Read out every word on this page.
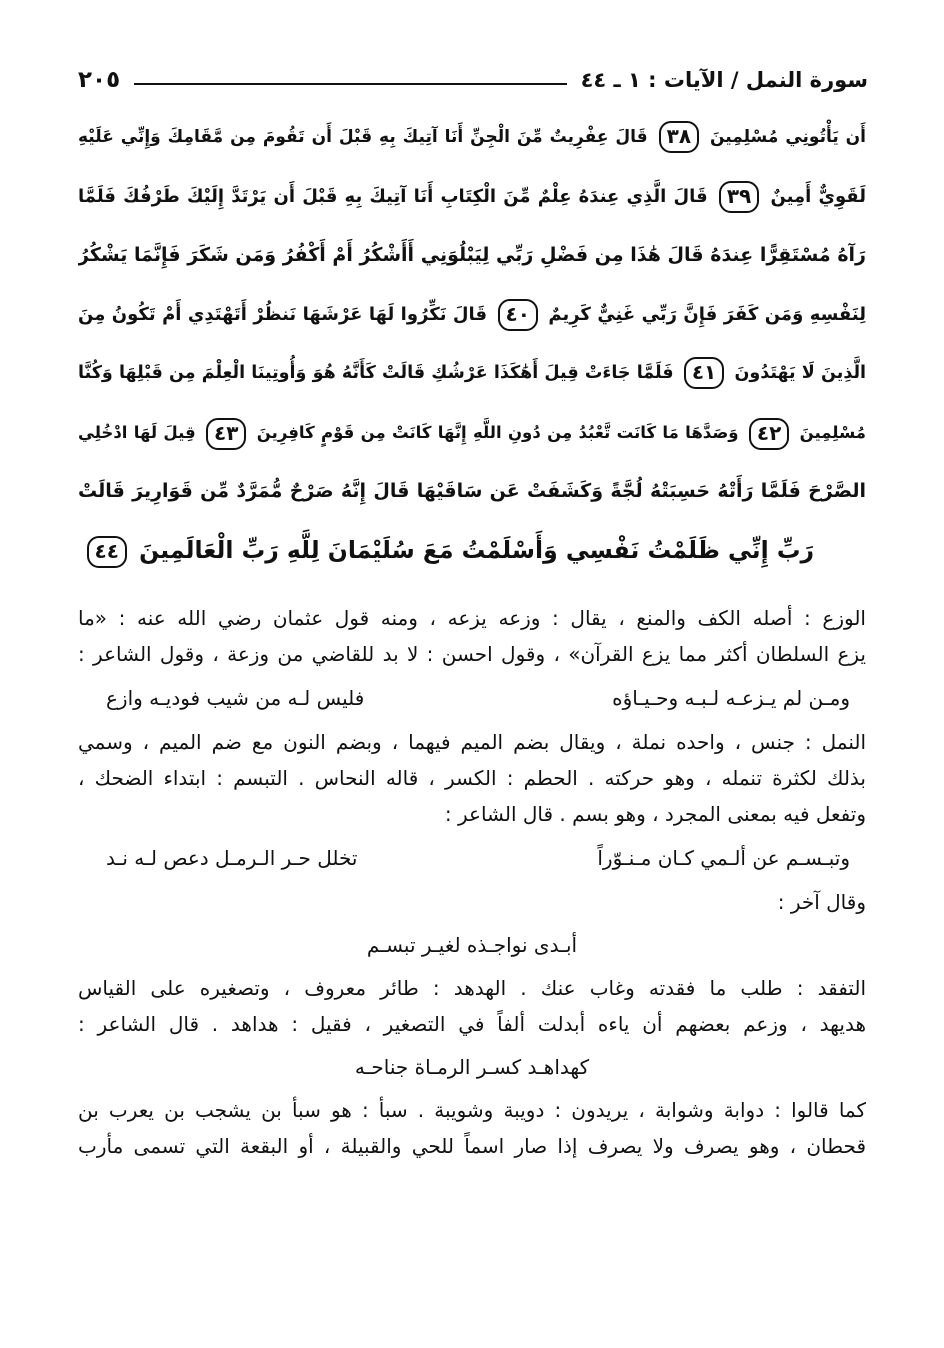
سورة النمل / الآيات : ١ ـ ٤٤
٢٠٥
أَن يَأْتُونِي مُسْلِمِينَ ٣٨ قَالَ عِفْرِيتٌ مِّنَ الْجِنِّ أَنَا آتِيكَ بِهِ قَبْلَ أَن تَقُومَ مِن مَّقَامِكَ وَإِنِّي عَلَيْهِ
لَقَوِيٌّ أَمِينٌ ٣٩ قَالَ الَّذِي عِندَهُ عِلْمٌ مِّنَ الْكِتَابِ أَنَا آتِيكَ بِهِ قَبْلَ أَن يَرْتَدَّ إِلَيْكَ طَرْفُكَ فَلَمَّا
رَآهُ مُسْتَقِرًّا عِندَهُ قَالَ هَٰذَا مِن فَضْلِ رَبِّي لِيَبْلُوَنِي أَأَشْكُرُ أَمْ أَكْفُرُ وَمَن شَكَرَ فَإِنَّمَا يَشْكُرُ
لِنَفْسِهِ وَمَن كَفَرَ فَإِنَّ رَبِّي غَنِيٌّ كَرِيمٌ ٤٠ قَالَ نَكِّرُوا لَهَا عَرْشَهَا نَنظُرْ أَتَهْتَدِي أَمْ تَكُونُ مِنَ
الَّذِينَ لَا يَهْتَدُونَ ٤١ فَلَمَّا جَاءَتْ قِيلَ أَهَٰكَذَا عَرْشُكِ قَالَتْ كَأَنَّهُ هُوَ وَأُوتِينَا الْعِلْمَ مِن قَبْلِهَا وَكُنَّا
مُسْلِمِينَ ٤٢ وَصَدَّهَا مَا كَانَت تَّعْبُدُ مِن دُونِ اللَّهِ إِنَّهَا كَانَتْ مِن قَوْمٍ كَافِرِينَ ٤٣ قِيلَ لَهَا ادْخُلِي
الصَّرْحَ فَلَمَّا رَأَتْهُ حَسِبَتْهُ لُجَّةً وَكَشَفَتْ عَن سَاقَيْهَا قَالَ إِنَّهُ صَرْحٌ مُّمَرَّدٌ مِّن قَوَارِيرَ قَالَتْ
رَبِّ إِنِّي ظَلَمْتُ نَفْسِي وَأَسْلَمْتُ مَعَ سُلَيْمَانَ لِلَّهِ رَبِّ الْعَالَمِينَ ٤٤
الوزع : أصله الكف والمنع ، يقال : وزعه يزعه ، ومنه قول عثمان رضي الله عنه : «ما
يزع السلطان أكثر مما يزع القرآن» ، وقول احسن : لا بد للقاضي من وزعة ، وقول الشاعر :
ومـن لم يـزعـه لـبـه وحـيـاؤه
فليس لـه من شيب فوديـه وازع
النمل : جنس ، واحده نملة ، ويقال بضم الميم فيهما ، وبضم النون مع ضم الميم ، وسمي
بذلك لكثرة تنمله ، وهو حركته . الحطم : الكسر ، قاله النحاس . التبسم : ابتداء الضحك ،
وتفعل فيه بمعنى المجرد ، وهو بسم . قال الشاعر :
وتبـسـم عن ألـمي كـان مـنـوّراً
تخلل حـر الـرمـل دعص لـه نـد
وقال آخر :
أبـدى نواجـذه لغيـر تبسـم
التفقد : طلب ما فقدته وغاب عنك . الهدهد : طائر معروف ، وتصغيره على القياس
هديهد ، وزعم بعضهم أن ياءه أبدلت ألفاً في التصغير ، فقيل : هداهد . قال الشاعر :
كهداهـد كسـر الرمـاة جناحـه
كما قالوا : دوابة وشوابة ، يريدون : دويبة وشويبة . سبأ : هو سبأ بن يشجب بن يعرب بن
قحطان ، وهو يصرف ولا يصرف إذا صار اسماً للحي والقبيلة ، أو البقعة التي تسمى مأرب
